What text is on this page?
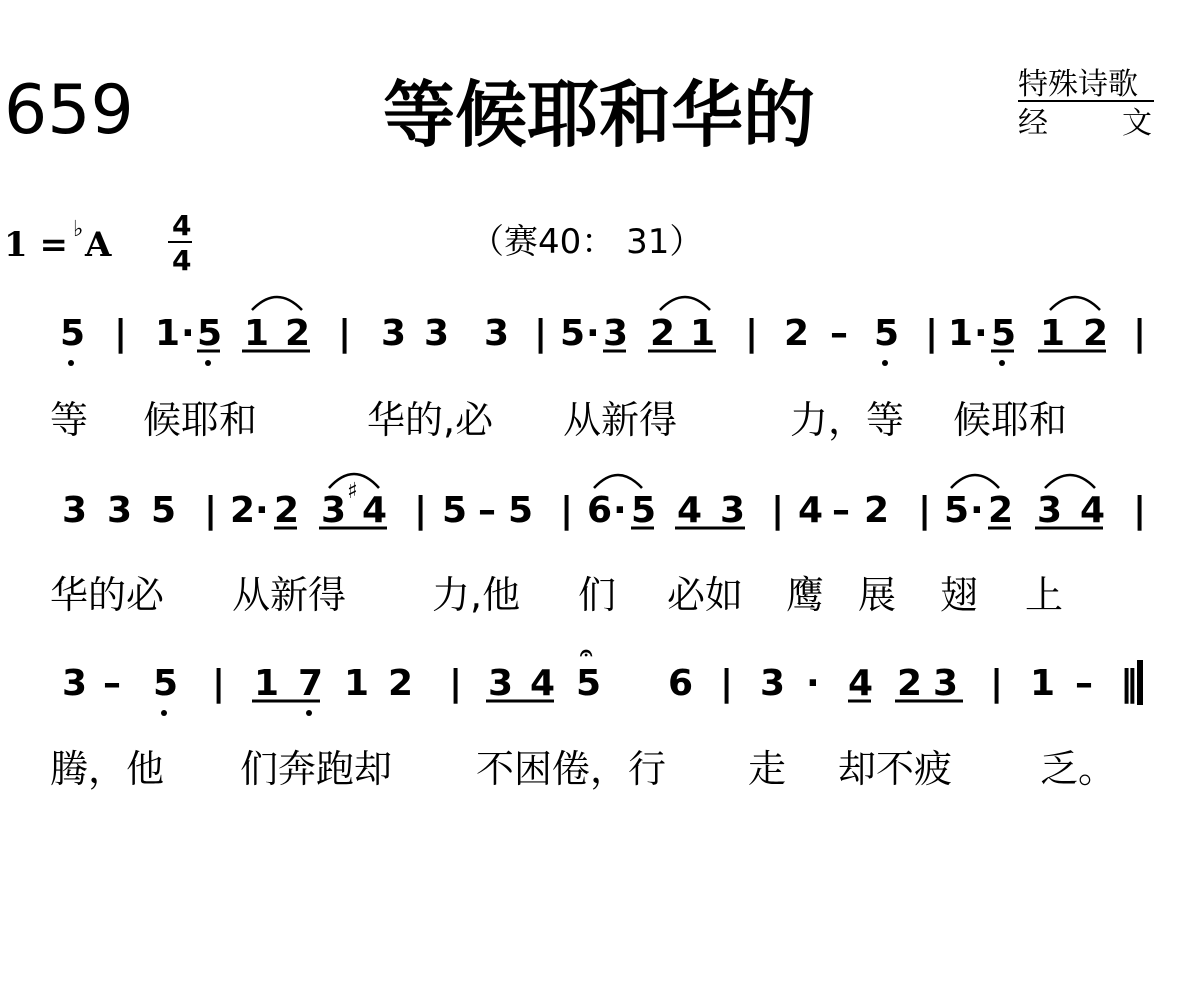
659	等候耶和华的	特殊诗歌
经 文
1 = ♭ A 4
4	（赛40： 31）
5 | 1 · 5 1 2 | 3 3 3 | 5 · 3 2 1 | 2 – 5 | 1 · 5 1 2 |
等 候耶和	华的,必 从新得	力，等 候耶和
3 3 5 | 2 · 2 3 ♯ 4 | 5 – 5 | 6 · 5 4 3 | 4 – 2 | 5 · 2 3 4 |
华的必 从新得 力,他 们 必如 鹰 展 翅 上
3 – 5 | 1 7 1 2 | 3 4 5
𝄐
6 | 3 · 4 2 3 | 1 – ‖
腾，他 们奔跑却 不困倦，行 走 却不疲 乏。
